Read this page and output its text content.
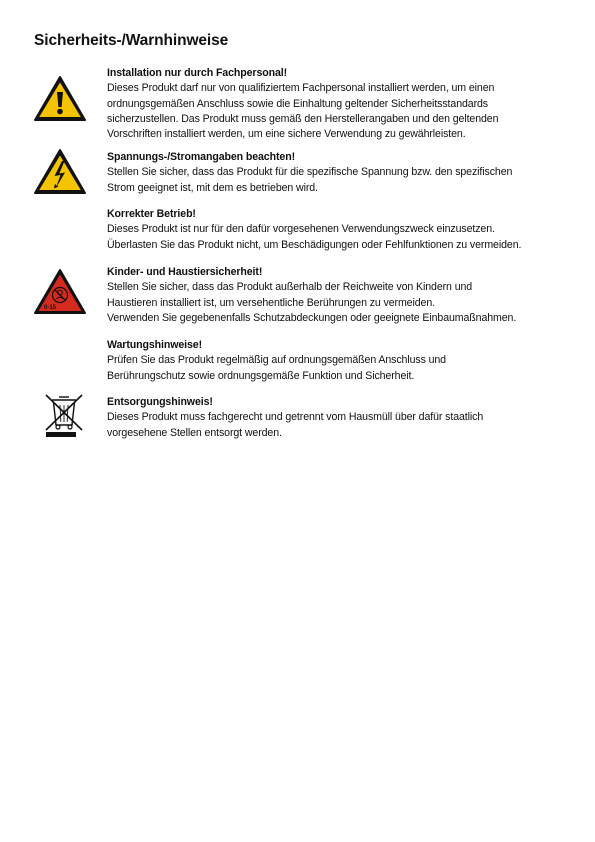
Sicherheits-/Warnhinweise
Installation nur durch Fachpersonal!
Dieses Produkt darf nur von qualifiziertem Fachpersonal installiert werden, um einen
ordnungsgemäßen Anschluss sowie die Einhaltung geltender Sicherheitsstandards
sicherzustellen. Das Produkt muss gemäß den Herstellerangaben und den geltenden
Vorschriften installiert werden, um eine sichere Verwendung zu gewährleisten.
Spannungs-/Stromangaben beachten!
Stellen Sie sicher, dass das Produkt für die spezifische Spannung bzw. den spezifischen
Strom geeignet ist, mit dem es betrieben wird.
Korrekter Betrieb!
Dieses Produkt ist nur für den dafür vorgesehenen Verwendungszweck einzusetzen.
Überlasten Sie das Produkt nicht, um Beschädigungen oder Fehlfunktionen zu vermeiden.
0-15
Kinder- und Haustiersicherheit!
Stellen Sie sicher, dass das Produkt außerhalb der Reichweite von Kindern und
Haustieren installiert ist, um versehentliche Berührungen zu vermeiden.
Verwenden Sie gegebenenfalls Schutzabdeckungen oder geeignete Einbaumaßnahmen.
Wartungshinweise!
Prüfen Sie das Produkt regelmäßig auf ordnungsgemäßen Anschluss und
Berührungschutz sowie ordnungsgemäße Funktion und Sicherheit.
Entsorgungshinweis!
Dieses Produkt muss fachgerecht und getrennt vom Hausmüll über dafür staatlich
vorgesehene Stellen entsorgt werden.
